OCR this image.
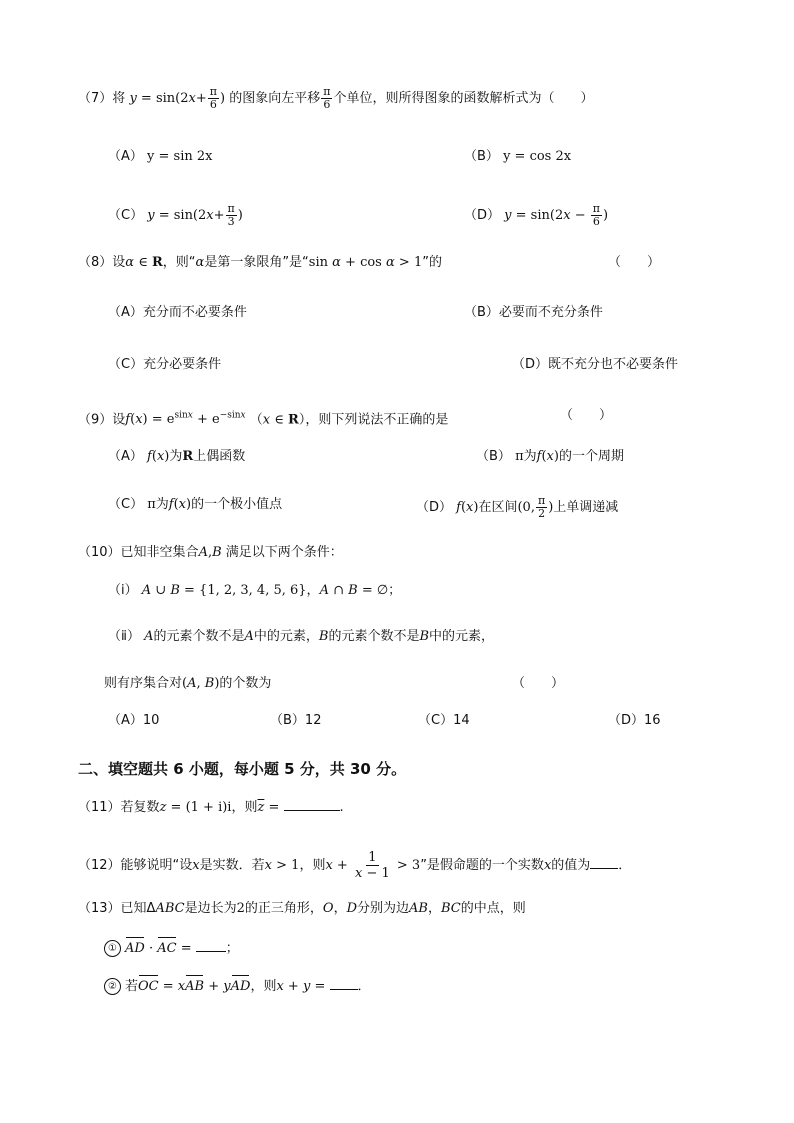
（7）将 $y = \sin(2x+ \frac{\pi}{6}$ ) 的图象向左平移 $\frac{\pi}{6}$ 个单位，则所得图象的函数解析式为（　　）
（A） y = sin 2x	（B） y = cos 2x
（C） $y = \sin(2x+ \frac{\pi}{3}$ )	（D） $y = \sin(2x - \frac{\pi}{6}$ )
（8）设α ∈ R，则“α是第一象限角”是“sin α + cos α > 1”的	（　　）
（A）充分而不必要条件	（B）必要而不充分条件
（C）充分必要条件	（D）既不充分也不必要条件
（9）设$f(x) = e^{sinx} + e^{-sinx}$ （x ∈ R），则下列说法不正确的是	（　　）
（A） f(x)为R上偶函数	（B） π为f(x)的一个周期
（C） π为f(x)的一个极小值点	（D） f(x)在区间(0, $\frac{\pi}{2}$ )上单调递减
（10）已知非空集合A,B 满足以下两个条件：
（ⅰ） A ∪ B = {1, 2, 3, 4, 5, 6}，A ∩ B = ∅；
（ⅱ） A的元素个数不是A中的元素，B的元素个数不是B中的元素，
则有序集合对(A, B)的个数为	（　　）
（A）10	（B）12	（C）14	（D）16
二、填空题共 6 小题，每小题 5 分，共 30 分。
（11）若复数z = (1 + i)i，则$\overline{z}$ =	.
（12）能够说明“设x是实数．若x > 1，则$x + \frac{1}{x - 1} > 3$”是假命题的一个实数x的值为 ．
（13）已知ΔABC是边长为2的正三角形，O，D分别为边AB，BC的中点，则
① AD · AC = ；
② 若OC = xAB + yAD，则x + y = ．
